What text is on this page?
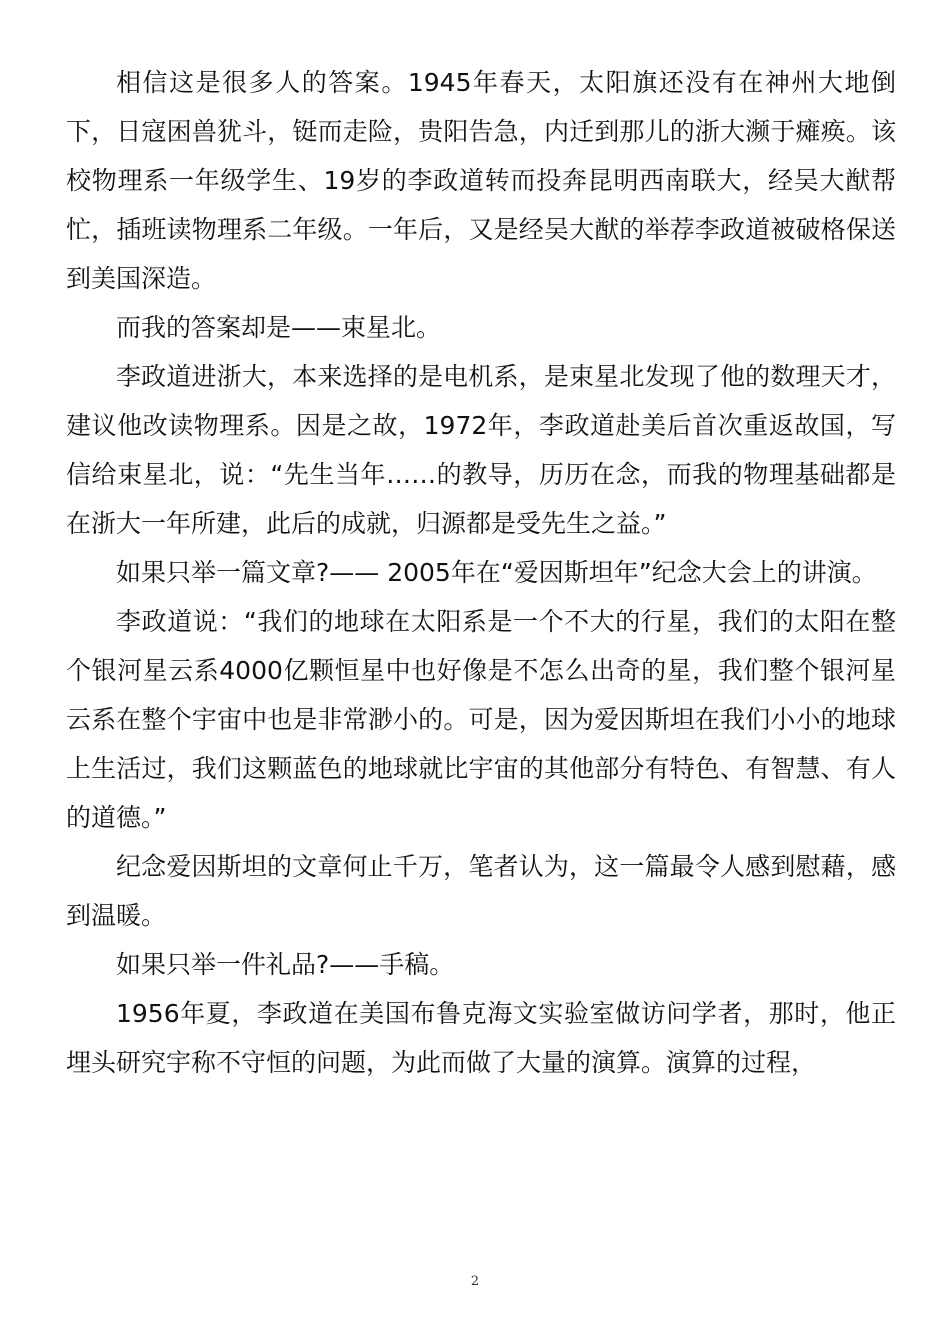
相信这是很多人的答案。1945年春天，太阳旗还没有在神州大地倒下，日寇困兽犹斗，铤而走险，贵阳告急，内迁到那儿的浙大濒于瘫痪。该校物理系一年级学生、19岁的李政道转而投奔昆明西南联大，经吴大猷帮忙，插班读物理系二年级。一年后，又是经吴大猷的举荐李政道被破格保送到美国深造。

而我的答案却是——束星北。

李政道进浙大，本来选择的是电机系，是束星北发现了他的数理天才，建议他改读物理系。因是之故，1972年，李政道赴美后首次重返故国，写信给束星北，说：“先生当年……的教导，历历在念，而我的物理基础都是在浙大一年所建，此后的成就，归源都是受先生之益。”

如果只举一篇文章?—— 2005年在“爱因斯坦年”纪念大会上的讲演。

李政道说：“我们的地球在太阳系是一个不大的行星，我们的太阳在整个银河星云系4000亿颗恒星中也好像是不怎么出奇的星，我们整个银河星云系在整个宇宙中也是非常渺小的。可是，因为爱因斯坦在我们小小的地球上生活过，我们这颗蓝色的地球就比宇宙的其他部分有特色、有智慧、有人的道德。”

纪念爱因斯坦的文章何止千万，笔者认为，这一篇最令人感到慰藉，感到温暖。

如果只举一件礼品?——手稿。

1956年夏，李政道在美国布鲁克海文实验室做访问学者，那时，他正埋头研究宇称不守恒的问题，为此而做了大量的演算。演算的过程，

2
